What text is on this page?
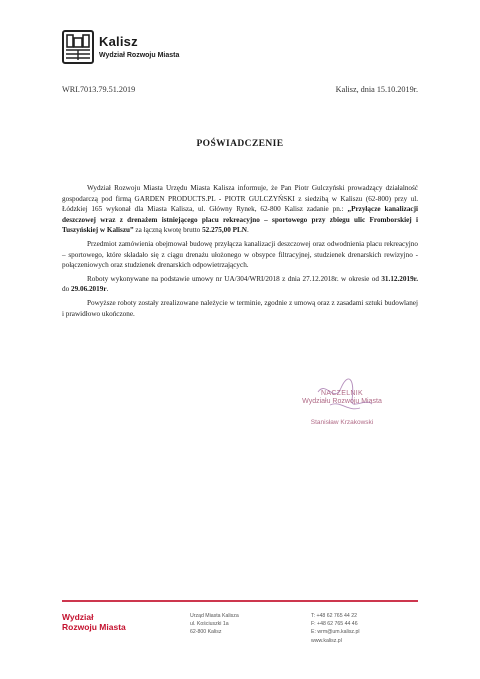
Kalisz
Wydział Rozwoju Miasta
WRI.7013.79.51.2019	Kalisz, dnia 15.10.2019r.
POŚWIADCZENIE

Wydział Rozwoju Miasta Urzędu Miasta Kalisza informuje, że Pan Piotr Gulczyński prowadzący działalność gospodarczą pod firmą GARDEN PRODUCTS.PL - PIOTR GULCZYŃSKI z siedzibą w Kaliszu (62-800) przy ul. Łódzkiej 165 wykonał dla Miasta Kalisza, ul. Główny Rynek, 62-800 Kalisz zadanie pn.: „Przyłącze kanalizacji deszczowej wraz z drenażem istniejącego placu rekreacyjno – sportowego przy zbiegu ulic Fromborskiej i Tuszyńskiej w Kaliszu” za łączną kwotę brutto 52.275,00 PLN.

Przedmiot zamówienia obejmował budowę przyłącza kanalizacji deszczowej oraz odwodnienia placu rekreacyjno – sportowego, które składało się z ciągu drenażu ułożonego w obsypce filtracyjnej, studzienek drenarskich rewizyjno - połączeniowych oraz studzienek drenarskich odpowietrzających.

Roboty wykonywane na podstawie umowy nr UA/304/WRI/2018 z dnia 27.12.2018r. w okresie od 31.12.2019r. do 29.06.2019r.

Powyższe roboty zostały zrealizowane należycie w terminie, zgodnie z umową oraz z zasadami sztuki budowlanej i prawidłowo ukończone.

NACZELNIK
Wydziału Rozwoju Miasta
Stanisław Krzakowski
Wydział
Rozwoju Miasta
Urząd Miasta Kalisza
ul. Kościuszki 1a
62-800 Kalisz
T: +48 62 765 44 22
F: +48 62 765 44 46
E: wrm@um.kalisz.pl
www.kalisz.pl
